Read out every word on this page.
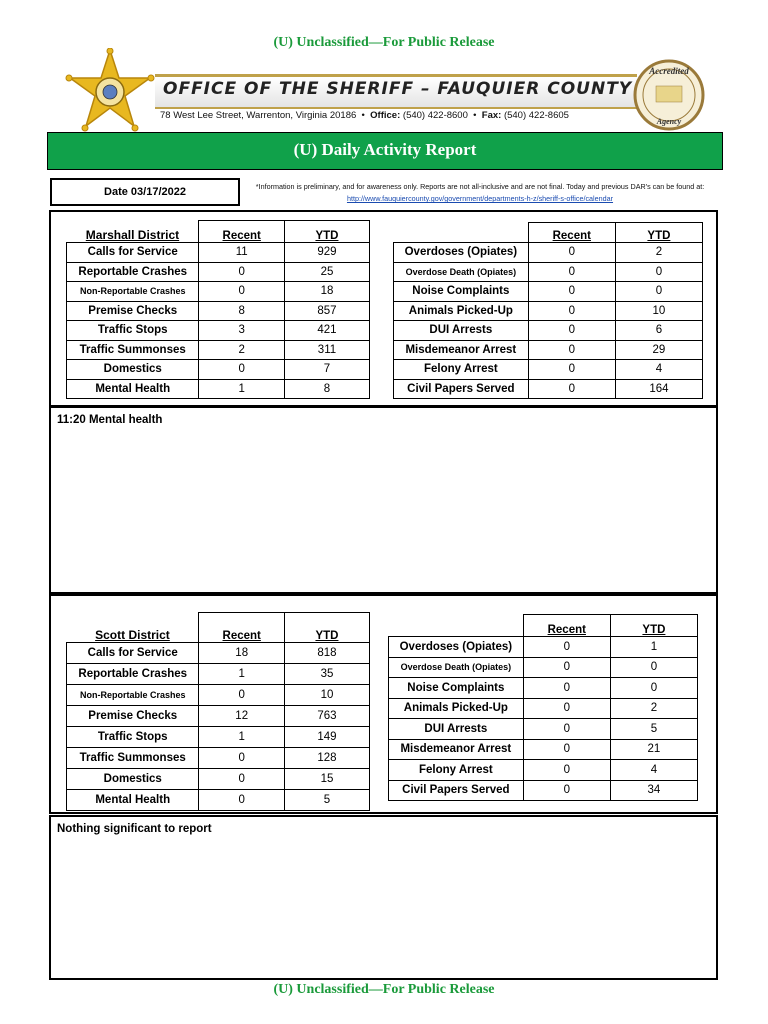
(U) Unclassified—For Public Release
OFFICE OF THE SHERIFF – FAUQUIER COUNTY
78 West Lee Street, Warrenton, Virginia 20186  •  Office: (540) 422-8600  •  Fax: (540) 422-8605
Accredited
Agency
(U) Daily Activity Report
Date 03/17/2022	*Information is preliminary, and for awareness only. Reports are not all-inclusive and are not final. Today and previous DAR's can be found at: http://www.fauquiercounty.gov/government/departments-h-z/sheriff-s-office/calendar
Marshall District	Recent	YTD
Calls for Service	11	929
Reportable Crashes	0	25
Non-Reportable Crashes	0	18
Premise Checks	8	857
Traffic Stops	3	421
Traffic Summonses	2	311
Domestics	0	7
Mental Health	1	8
	Recent	YTD
Overdoses (Opiates)	0	2
Overdose Death (Opiates)	0	0
Noise Complaints	0	0
Animals Picked-Up	0	10
DUI Arrests	0	6
Misdemeanor Arrest	0	29
Felony Arrest	0	4
Civil Papers Served	0	164
11:20 Mental health
Scott District	Recent	YTD
Calls for Service	18	818
Reportable Crashes	1	35
Non-Reportable Crashes	0	10
Premise Checks	12	763
Traffic Stops	1	149
Traffic Summonses	0	128
Domestics	0	15
Mental Health	0	5
	Recent	YTD
Overdoses (Opiates)	0	1
Overdose Death (Opiates)	0	0
Noise Complaints	0	0
Animals Picked-Up	0	2
DUI Arrests	0	5
Misdemeanor Arrest	0	21
Felony Arrest	0	4
Civil Papers Served	0	34
Nothing significant to report
(U) Unclassified—For Public Release
